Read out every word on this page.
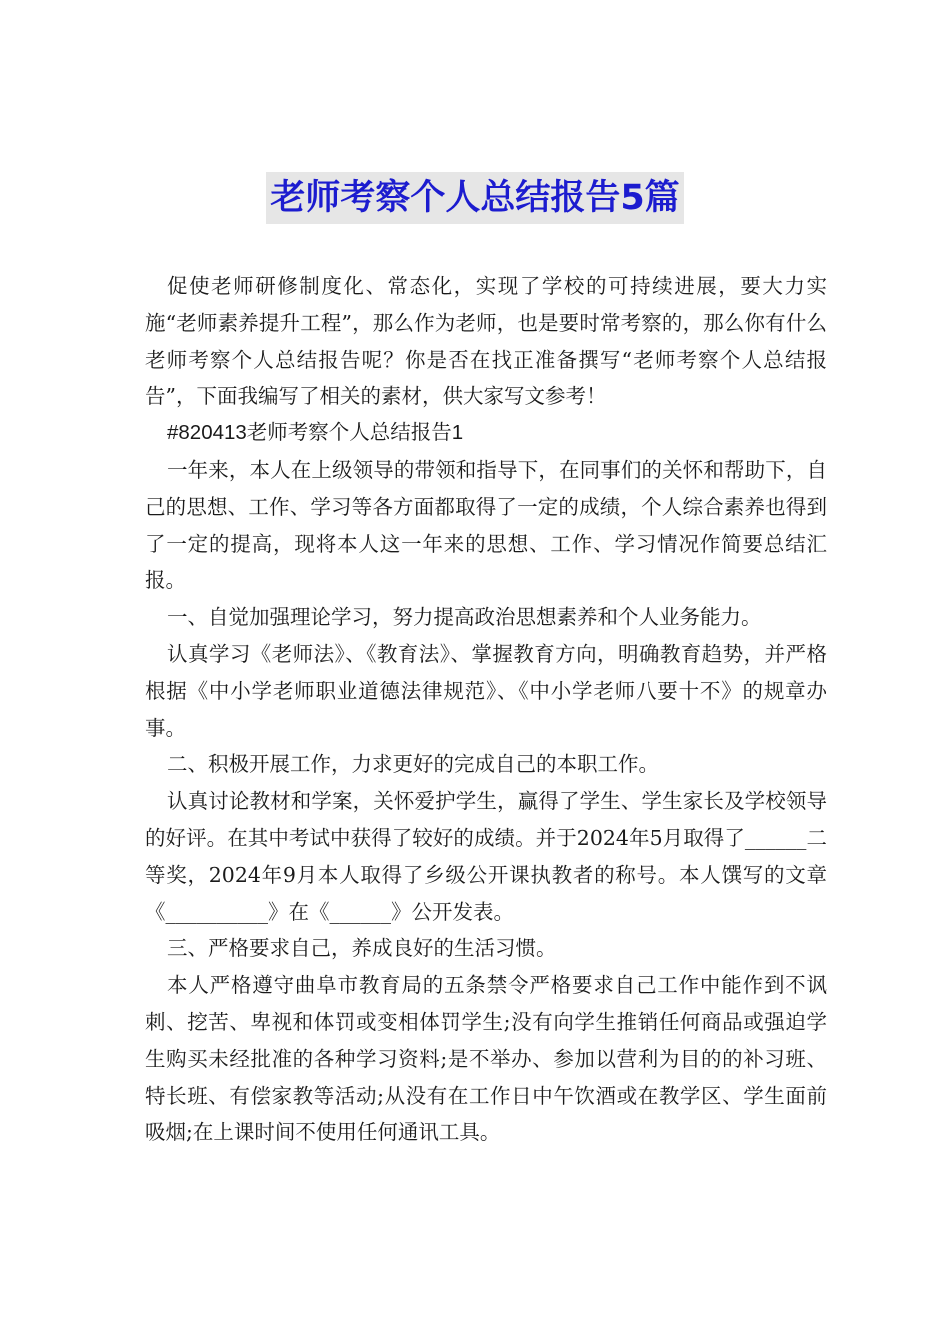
老师考察个人总结报告5篇

促使老师研修制度化、常态化，实现了学校的可持续进展，要大力实施“老师素养提升工程”，那么作为老师，也是要时常考察的，那么你有什么老师考察个人总结报告呢？你是否在找正准备撰写“老师考察个人总结报告”，下面我编写了相关的素材，供大家写文参考！

#820413老师考察个人总结报告1

一年来，本人在上级领导的带领和指导下，在同事们的关怀和帮助下，自己的思想、工作、学习等各方面都取得了一定的成绩，个人综合素养也得到了一定的提高，现将本人这一年来的思想、工作、学习情况作简要总结汇报。

一、自觉加强理论学习，努力提高政治思想素养和个人业务能力。

认真学习《老师法》、《教育法》、掌握教育方向，明确教育趋势，并严格根据《中小学老师职业道德法律规范》、《中小学老师八要十不》的规章办事。

二、积极开展工作，力求更好的完成自己的本职工作。

认真讨论教材和学案，关怀爱护学生，赢得了学生、学生家长及学校领导的好评。在其中考试中获得了较好的成绩。并于2024年5月取得了______二等奖，2024年9月本人取得了乡级公开课执教者的称号。本人馔写的文章《__________》在《______》公开发表。

三、严格要求自己，养成良好的生活习惯。

本人严格遵守曲阜市教育局的五条禁令严格要求自己工作中能作到不讽刺、挖苦、卑视和体罚或变相体罚学生;没有向学生推销任何商品或强迫学生购买未经批准的各种学习资料;是不举办、参加以营利为目的的补习班、特长班、有偿家教等活动;从没有在工作日中午饮酒或在教学区、学生面前吸烟;在上课时间不使用任何通讯工具。
